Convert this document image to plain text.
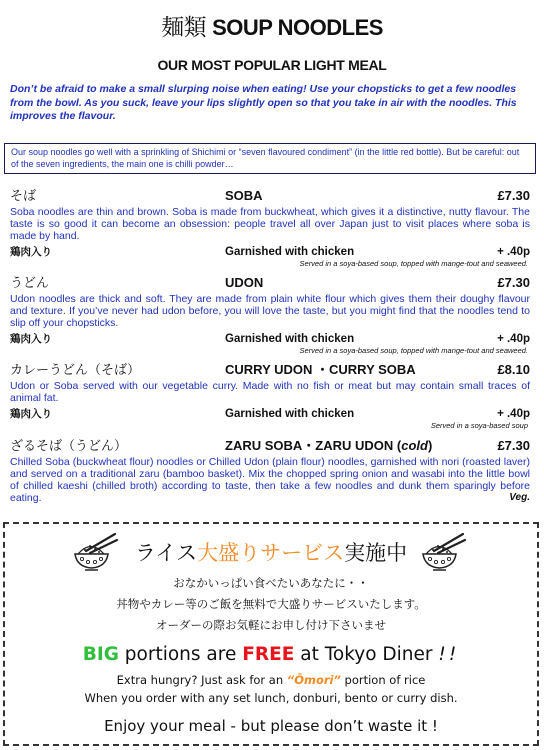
麺類 SOUP NOODLES
OUR MOST POPULAR LIGHT MEAL
Don’t be afraid to make a small slurping noise when eating! Use your chopsticks to get a few noodles from the bowl. As you suck, leave your lips slightly open so that you take in air with the noodles. This improves the flavour.
Our soup noodles go well with a sprinkling of Shichimi or “seven flavoured condiment” (in the little red bottle). But be careful: out of the seven ingredients, the main one is chilli powder…
そば	SOBA	£7.30
Soba noodles are thin and brown. Soba is made from buckwheat, which gives it a distinctive, nutty flavour. The taste is so good it can become an obsession: people travel all over Japan just to visit places where soba is made by hand.
鶏肉入り	Garnished with chicken	+ .40p
Served in a soya-based soup, topped with mange-tout and seaweed.
うどん	UDON	£7.30
Udon noodles are thick and soft. They are made from plain white flour which gives them their doughy flavour and texture. If you’ve never had udon before, you will love the taste, but you might find that the noodles tend to slip off your chopsticks.
鶏肉入り	Garnished with chicken	+ .40p
Served in a soya-based soup, topped with mange-tout and seaweed.
カレーうどん（そば）	CURRY UDON ・CURRY SOBA	£8.10
Udon or Soba served with our vegetable curry. Made with no fish or meat but may contain small traces of animal fat.
鶏肉入り	Garnished with chicken	+ .40p
Served in a soya-based soup
ざるそば（うどん）	ZARU SOBA・ZARU UDON (cold)	£7.30
Chilled Soba (buckwheat flour) noodles or Chilled Udon (plain flour) noodles, garnished with nori (roasted laver) and served on a traditional zaru (bamboo basket). Mix the chopped spring onion and wasabi into the little bowl of chilled kaeshi (chilled broth) according to taste, then take a few noodles and dunk them sparingly before eating.	Veg.
ライス大盛りサービス実施中
おなかいっぱい食べたいあなたに・・
丼物やカレー等のご飯を無料で大盛りサービスいたします。
オーダーの際お気軽にお申し付け下さいませ
BIG portions are FREE at Tokyo Diner !!
Extra hungry? Just ask for an “Ōmori” portion of rice
When you order with any set lunch, donburi, bento or curry dish.
Enjoy your meal - but please don’t waste it !
